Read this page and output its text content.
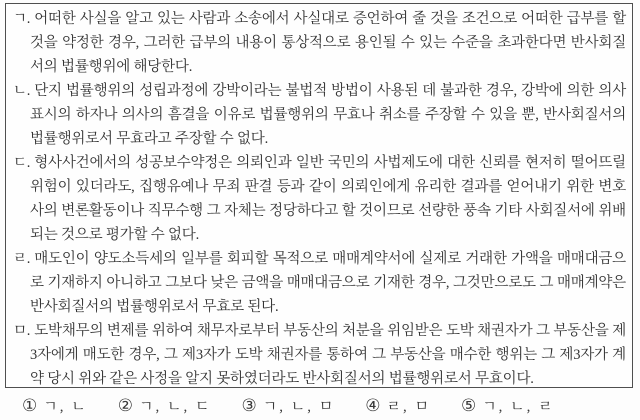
ㄱ. 어떠한 사실을 알고 있는 사람과 소송에서 사실대로 증언하여 줄 것을 조건으로 어떠한 급부를 할 것을 약정한 경우, 그러한 급부의 내용이 통상적으로 용인될 수 있는 수준을 초과한다면 반사회질서의 법률행위에 해당한다.

ㄴ. 단지 법률행위의 성립과정에 강박이라는 불법적 방법이 사용된 데 불과한 경우, 강박에 의한 의사표시의 하자나 의사의 흠결을 이유로 법률행위의 무효나 취소를 주장할 수 있을 뿐, 반사회질서의 법률행위로서 무효라고 주장할 수 없다.

ㄷ. 형사사건에서의 성공보수약정은 의뢰인과 일반 국민의 사법제도에 대한 신뢰를 현저히 떨어뜨릴 위험이 있더라도, 집행유예나 무죄 판결 등과 같이 의뢰인에게 유리한 결과를 얻어내기 위한 변호사의 변론활동이나 직무수행 그 자체는 정당하다고 할 것이므로 선량한 풍속 기타 사회질서에 위배되는 것으로 평가할 수 없다.

ㄹ. 매도인이 양도소득세의 일부를 회피할 목적으로 매매계약서에 실제로 거래한 가액을 매매대금으로 기재하지 아니하고 그보다 낮은 금액을 매매대금으로 기재한 경우, 그것만으로도 그 매매계약은 반사회질서의 법률행위로서 무효로 된다.

ㅁ. 도박채무의 변제를 위하여 채무자로부터 부동산의 처분을 위임받은 도박 채권자가 그 부동산을 제3자에게 매도한 경우, 그 제3자가 도박 채권자를 통하여 그 부동산을 매수한 행위는 그 제3자가 계약 당시 위와 같은 사정을 알지 못하였더라도 반사회질서의 법률행위로서 무효이다.

① ㄱ, ㄴ ② ㄱ, ㄴ, ㄷ ③ ㄱ, ㄴ, ㅁ ④ ㄹ, ㅁ ⑤ ㄱ, ㄴ, ㄹ
